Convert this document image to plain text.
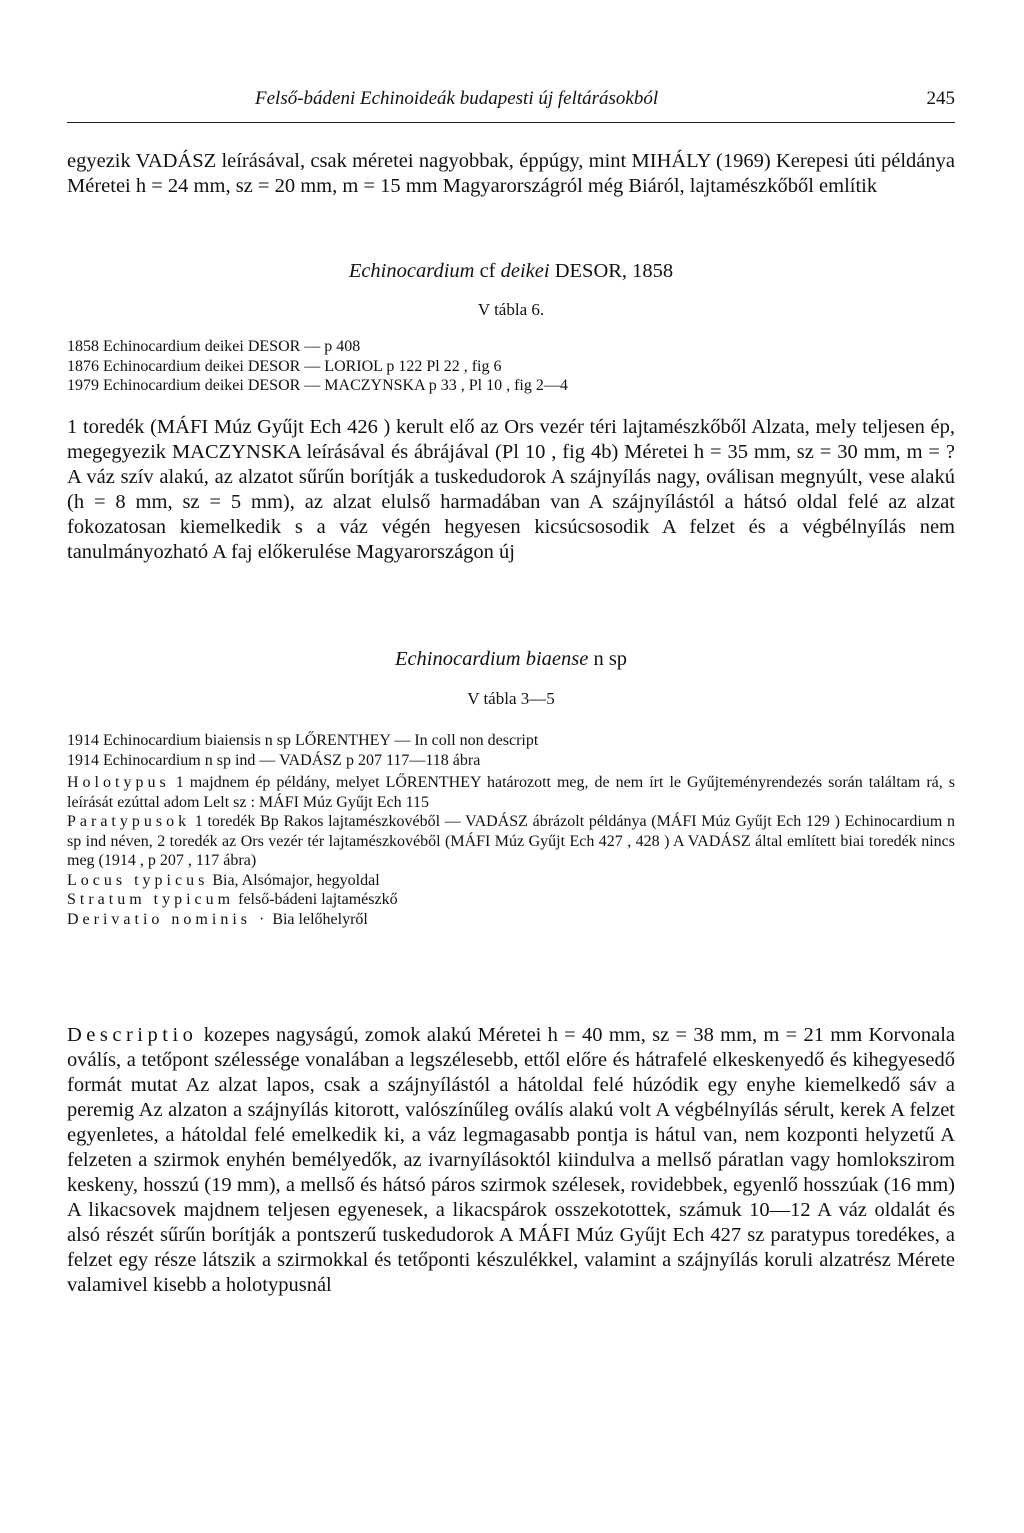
Felső-bádeni Echinoideák budapesti új feltárásokból	245

egyezik VADÁSZ leírásával, csak méretei nagyobbak, éppúgy, mint MIHÁLY (1969) Kerepesi úti példánya Méretei h = 24 mm, sz = 20 mm, m = 15 mm Magyarországról még Biáról, lajtamészkőből említik

Echinocardium cf deikei DESOR, 1858

V tábla 6.

1858 Echinocardium deikei DESOR — p 408
1876 Echinocardium deikei DESOR — LORIOL p 122 Pl 22 , fig 6
1979 Echinocardium deikei DESOR — MACZYNSKA p 33 , Pl 10 , fig 2—4

1 toredék (MÁFI Múz Gyűjt Ech 426 ) kerult elő az Ors vezér téri lajtamészkőből Alzata, mely teljesen ép, megegyezik MACZYNSKA leírásával és ábrájával (Pl 10 , fig 4b) Méretei h = 35 mm, sz = 30 mm, m = ? A váz szív alakú, az alzatot sűrűn borítják a tuskedudorok A szájnyílás nagy, oválisan megnyúlt, vese alakú (h = 8 mm, sz = 5 mm), az alzat elulső harmadában van A szájnyílástól a hátsó oldal felé az alzat fokozatosan kiemelkedik s a váz végén hegyesen kicsúcsosodik A felzet és a végbélnyílás nem tanulmányozható A faj előkerulése Magyarországon új

Echinocardium biaense n sp

V tábla 3—5

1914 Echinocardium biaiensis n sp LŐRENTHEY — In coll non descript
1914 Echinocardium n sp ind — VADÁSZ p 207 117—118 ábra
Holotypus 1 majdnem ép példány, melyet LŐRENTHEY határozott meg, de nem írt le Gyűjteményrendezés során találtam rá, s leírását ezúttal adom Lelt sz : MÁFI Múz Gyűjt Ech 115
Paratypusok 1 toredék Bp Rakos lajtamészkovéből — VADÁSZ ábrázolt példánya (MÁFI Múz Gyűjt Ech 129 ) Echinocardium n sp ind néven, 2 toredék az Ors vezér tér lajtamészkovéből (MÁFI Múz Gyűjt Ech 427 , 428 ) A VADÁSZ által említett biai toredék nincs meg (1914 , p 207 , 117 ábra)
Locus typicus Bia, Alsómajor, hegyoldal
Stratum typicum felső-bádeni lajtamészkő
Derivatio nominis · Bia lelőhelyről

Descriptio kozepes nagyságú, zomok alakú Méretei h = 40 mm, sz = 38 mm, m = 21 mm Korvonala oválís, a tetőpont szélessége vonalában a legszélesebb, ettől előre és hátrafelé elkeskenyedő és kihegyesedő formát mutat Az alzat lapos, csak a szájnyílástól a hátoldal felé húzódik egy enyhe kiemelkedő sáv a peremig Az alzaton a szájnyílás kitorott, valószínűleg oválís alakú volt A végbélnyílás sérult, kerek A felzet egyenletes, a hátoldal felé emelkedik ki, a váz legmagasabb pontja is hátul van, nem kozponti helyzetű A felzeten a szirmok enyhén bemélyedők, az ivarnyílásoktól kiindulva a mellső páratlan vagy homlokszirom keskeny, hosszú (19 mm), a mellső és hátsó páros szirmok szélesek, rovidebbek, egyenlő hosszúak (16 mm) A likacsovek majdnem teljesen egyenesek, a likacspárok osszekotottek, számuk 10—12 A váz oldalát és alsó részét sűrűn borítják a pontszerű tuskedudorok A MÁFI Múz Gyűjt Ech 427 sz paratypus toredékes, a felzet egy része látszik a szirmokkal és tetőponti készulékkel, valamint a szájnyílás koruli alzatrész Mérete valamivel kisebb a holotypusnál
